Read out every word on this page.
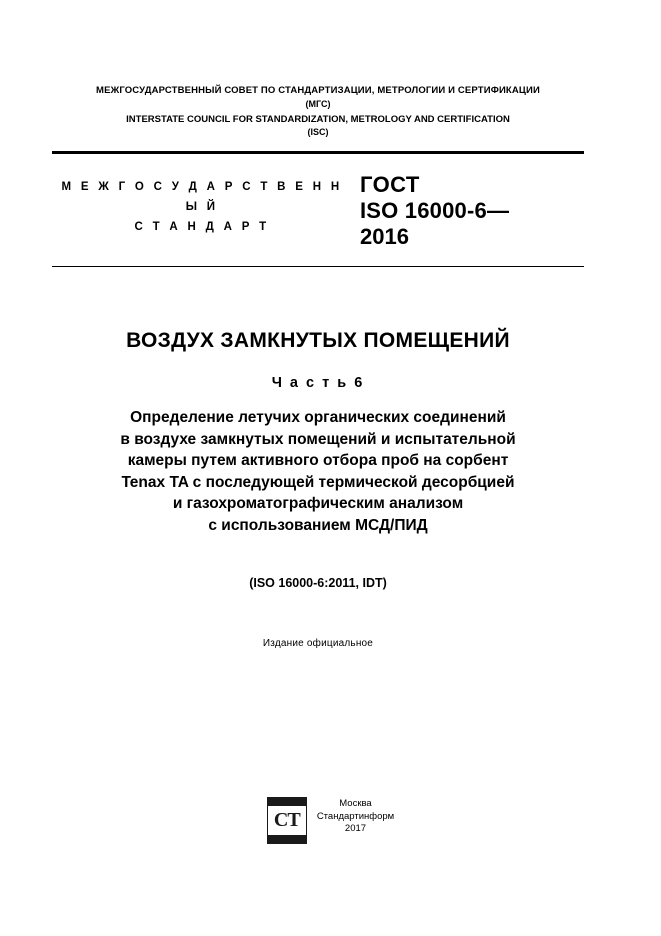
МЕЖГОСУДАРСТВЕННЫЙ СОВЕТ ПО СТАНДАРТИЗАЦИИ, МЕТРОЛОГИИ И СЕРТИФИКАЦИИ
(МГС)
INTERSTATE COUNCIL FOR STANDARDIZATION, METROLOGY AND CERTIFICATION
(ISC)
М Е Ж Г О С У Д А Р С Т В Е Н Н Ы Й
С Т А Н Д А Р Т
ГОСТ
ISO 16000-6—
2016
ВОЗДУХ ЗАМКНУТЫХ ПОМЕЩЕНИЙ
Ч а с т ь 6
Определение летучих органических соединений
в воздухе замкнутых помещений и испытательной
камеры путем активного отбора проб на сорбент
Tenax TA с последующей термической десорбцией
и газохроматографическим анализом
с использованием МСД/ПИД
(ISO 16000-6:2011, IDT)
Издание официальное
СТ
Москва
Стандартинформ
2017
